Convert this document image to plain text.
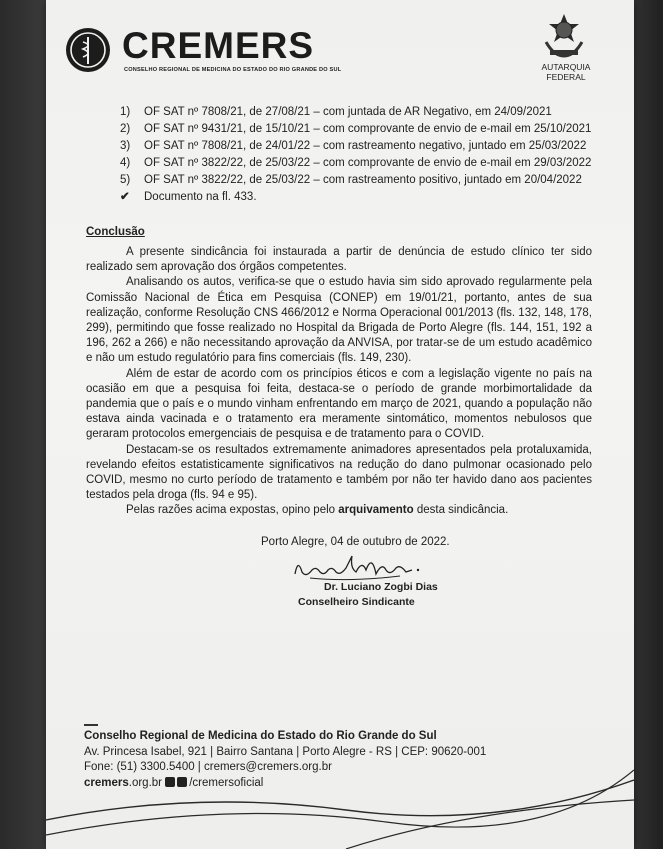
CREMERS
CONSELHO REGIONAL DE MEDICINA DO ESTADO DO RIO GRANDE DO SUL	AUTARQUIA
FEDERAL
1) OF SAT nº 7808/21, de 27/08/21 – com juntada de AR Negativo, em 24/09/2021
2) OF SAT nº 9431/21, de 15/10/21 – com comprovante de envio de e-mail em 25/10/2021
3) OF SAT nº 7808/21, de 24/01/22 – com rastreamento negativo, juntado em 25/03/2022
4) OF SAT nº 3822/22, de 25/03/22 – com comprovante de envio de e-mail em 29/03/2022
5) OF SAT nº 3822/22, de 25/03/22 – com rastreamento positivo, juntado em 20/04/2022
✔ Documento na fl. 433.
Conclusão

A presente sindicância foi instaurada a partir de denúncia de estudo clínico ter sido realizado sem aprovação dos órgãos competentes.

Analisando os autos, verifica-se que o estudo havia sim sido aprovado regularmente pela Comissão Nacional de Ética em Pesquisa (CONEP) em 19/01/21, portanto, antes de sua realização, conforme Resolução CNS 466/2012 e Norma Operacional 001/2013 (fls. 132, 148, 178, 299), permitindo que fosse realizado no Hospital da Brigada de Porto Alegre (fls. 144, 151, 192 a 196, 262 a 266) e não necessitando aprovação da ANVISA, por tratar-se de um estudo acadêmico e não um estudo regulatório para fins comerciais (fls. 149, 230).

Além de estar de acordo com os princípios éticos e com a legislação vigente no país na ocasião em que a pesquisa foi feita, destaca-se o período de grande morbimortalidade da pandemia que o país e o mundo vinham enfrentando em março de 2021, quando a população não estava ainda vacinada e o tratamento era meramente sintomático, momentos nebulosos que geraram protocolos emergenciais de pesquisa e de tratamento para o COVID.

Destacam-se os resultados extremamente animadores apresentados pela protaluxamida, revelando efeitos estatisticamente significativos na redução do dano pulmonar ocasionado pelo COVID, mesmo no curto período de tratamento e também por não ter havido dano aos pacientes testados pela droga (fls. 94 e 95).

Pelas razões acima expostas, opino pelo arquivamento desta sindicância.

Porto Alegre, 04 de outubro de 2022.
Dr. Luciano Zogbi Dias
Conselheiro Sindicante
Conselho Regional de Medicina do Estado do Rio Grande do Sul
Av. Princesa Isabel, 921 | Bairro Santana | Porto Alegre - RS | CEP: 90620-001
Fone: (51) 3300.5400 | cremers@cremers.org.br
cremers.org.br /cremersoficial
